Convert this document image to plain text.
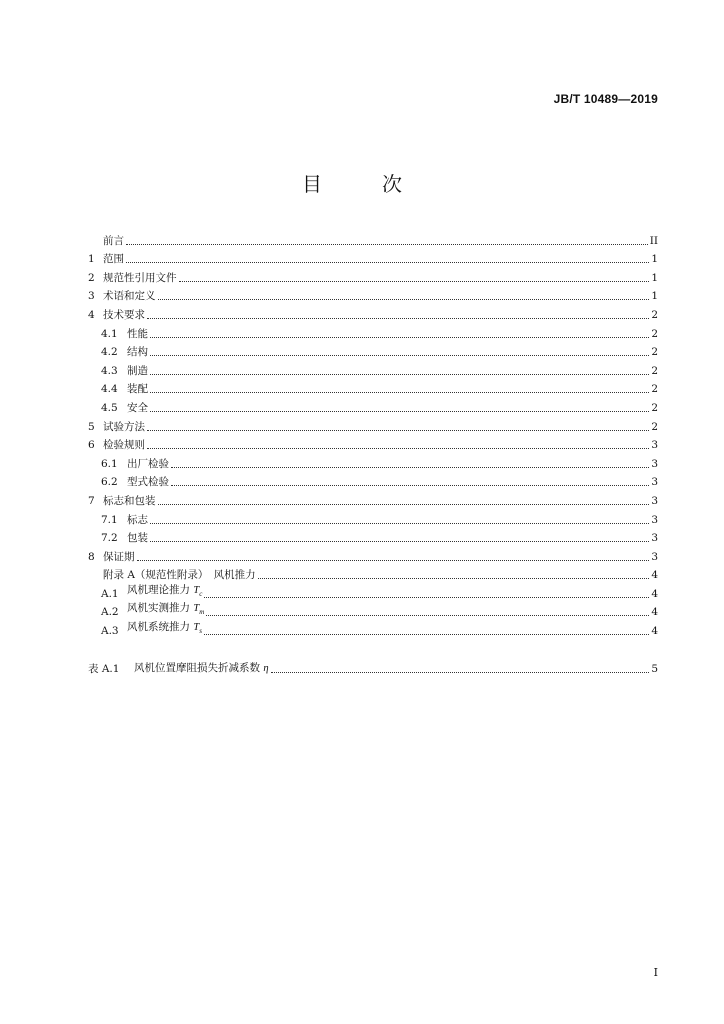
JB/T 10489—2019
目　次
前言	II
1 范围	1
2 规范性引用文件	1
3 术语和定义	1
4 技术要求	2
4.1 性能	2
4.2 结构	2
4.3 制造	2
4.4 装配	2
4.5 安全	2
5 试验方法	2
6 检验规则	3
6.1 出厂检验	3
6.2 型式检验	3
7 标志和包装	3
7.1 标志	3
7.2 包装	3
8 保证期	3
附录 A（规范性附录）　风机推力	4
A.1 风机理论推力 $T_c$	4
A.2 风机实测推力 $T_m$	4
A.3 风机系统推力 $T_s$	4
表 A.1	风机位置摩阻损失折减系数 η	5
I
